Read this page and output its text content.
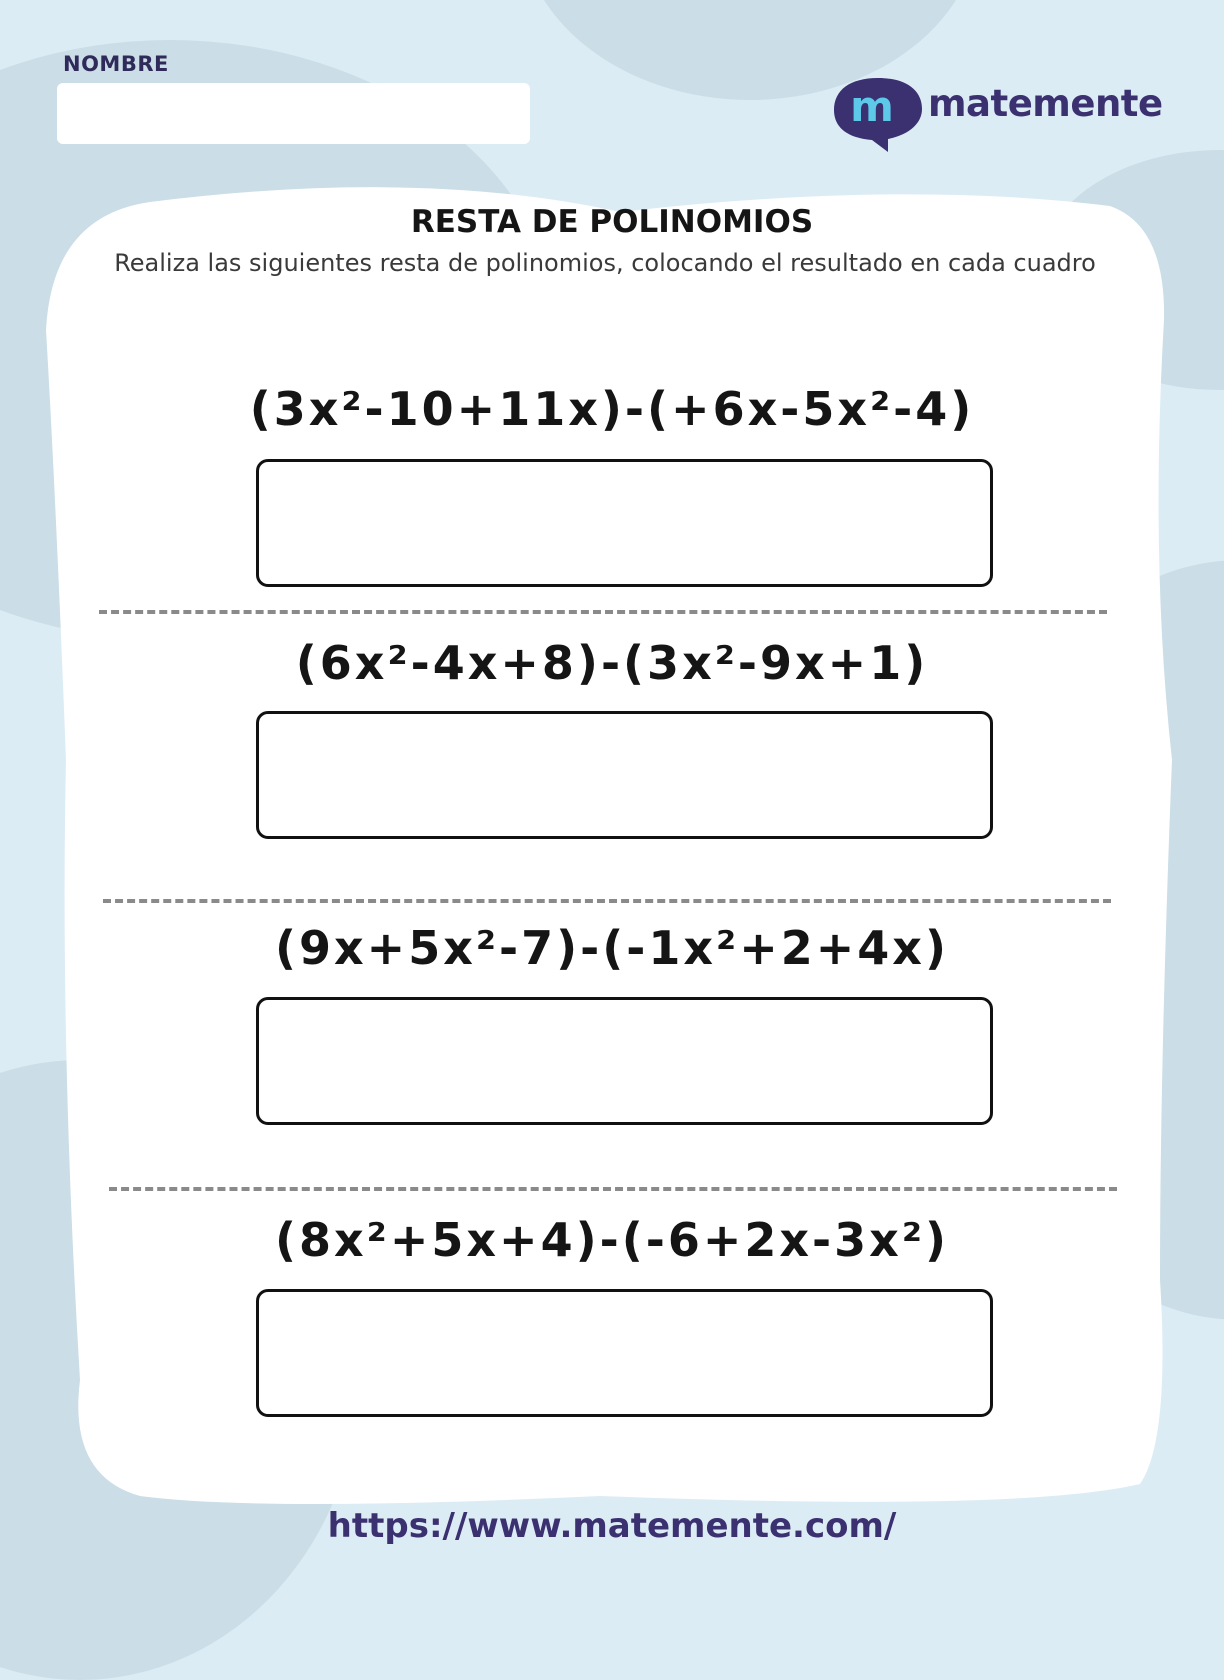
NOMBRE
m matemente
RESTA DE POLINOMIOS

Realiza las siguientes resta de polinomios, colocando el resultado en cada cuadro

(3x²-10+11x)-(+6x-5x²-4)
(6x²-4x+8)-(3x²-9x+1)
(9x+5x²-7)-(-1x²+2+4x)
(8x²+5x+4)-(-6+2x-3x²)
https://www.matemente.com/
